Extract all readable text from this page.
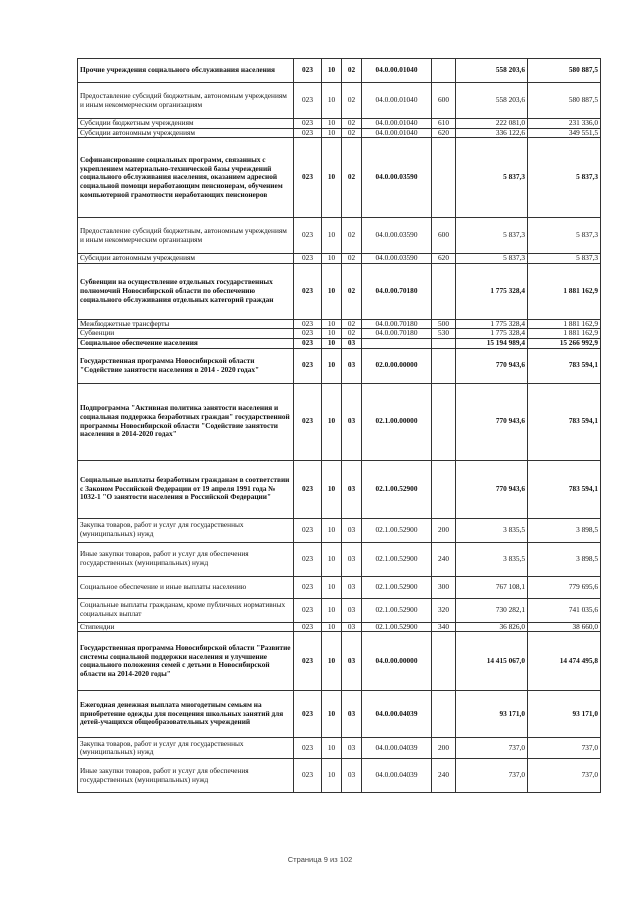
Прочие учреждения социального обслуживания населения	023	10	02	04.0.00.01040		558 203,6	580 887,5
Предоставление субсидий бюджетным, автономным учреждениям и иным некоммерческим организациям	023	10	02	04.0.00.01040	600	558 203,6	580 887,5
Субсидии бюджетным учреждениям	023	10	02	04.0.00.01040	610	222 081,0	231 336,0
Субсидии автономным учреждениям	023	10	02	04.0.00.01040	620	336 122,6	349 551,5
Софинансирование социальных программ, связанных с укреплением материально-технической базы учреждений социального обслуживания населения, оказанием адресной социальной помощи неработающим пенсионерам, обучением компьютерной грамотности неработающих пенсионеров	023	10	02	04.0.00.03590		5 837,3	5 837,3
Предоставление субсидий бюджетным, автономным учреждениям и иным некоммерческим организациям	023	10	02	04.0.00.03590	600	5 837,3	5 837,3
Субсидии автономным учреждениям	023	10	02	04.0.00.03590	620	5 837,3	5 837,3
Субвенции на осуществление отдельных государственных полномочий Новосибирской области по обеспечению социального обслуживания отдельных категорий граждан	023	10	02	04.0.00.70180		1 775 328,4	1 881 162,9
Межбюджетные трансферты	023	10	02	04.0.00.70180	500	1 775 328,4	1 881 162,9
Субвенции	023	10	02	04.0.00.70180	530	1 775 328,4	1 881 162,9
Социальное обеспечение населения	023	10	03			15 194 989,4	15 266 992,9
Государственная программа Новосибирской области "Содействие занятости населения в 2014 - 2020 годах"	023	10	03	02.0.00.00000		770 943,6	783 594,1
Подпрограмма "Активная политика занятости населения и социальная поддержка безработных граждан" государственной программы Новосибирской области "Содействие занятости населения в 2014-2020 годах"	023	10	03	02.1.00.00000		770 943,6	783 594,1
Социальные выплаты безработным гражданам в соответствии с Законом Российской Федерации от 19 апреля 1991 года № 1032-1 "О занятости населения в Российской Федерации"	023	10	03	02.1.00.52900		770 943,6	783 594,1
Закупка товаров, работ и услуг для государственных (муниципальных) нужд	023	10	03	02.1.00.52900	200	3 835,5	3 898,5
Иные закупки товаров, работ и услуг для обеспечения государственных (муниципальных) нужд	023	10	03	02.1.00.52900	240	3 835,5	3 898,5
Социальное обеспечение и иные выплаты населению	023	10	03	02.1.00.52900	300	767 108,1	779 695,6
Социальные выплаты гражданам, кроме публичных нормативных социальных выплат	023	10	03	02.1.00.52900	320	730 282,1	741 035,6
Стипендии	023	10	03	02.1.00.52900	340	36 826,0	38 660,0
Государственная программа Новосибирской области "Развитие системы социальной поддержки населения и улучшение социального положения семей с детьми в Новосибирской области на 2014-2020 годы"	023	10	03	04.0.00.00000		14 415 067,0	14 474 495,8
Ежегодная денежная выплата многодетным семьям на приобретение одежды для посещения школьных занятий для детей-учащихся общеобразовательных учреждений	023	10	03	04.0.00.04039		93 171,0	93 171,0
Закупка товаров, работ и услуг для государственных (муниципальных) нужд	023	10	03	04.0.00.04039	200	737,0	737,0
Иные закупки товаров, работ и услуг для обеспечения государственных (муниципальных) нужд	023	10	03	04.0.00.04039	240	737,0	737,0
Страница 9 из 102
